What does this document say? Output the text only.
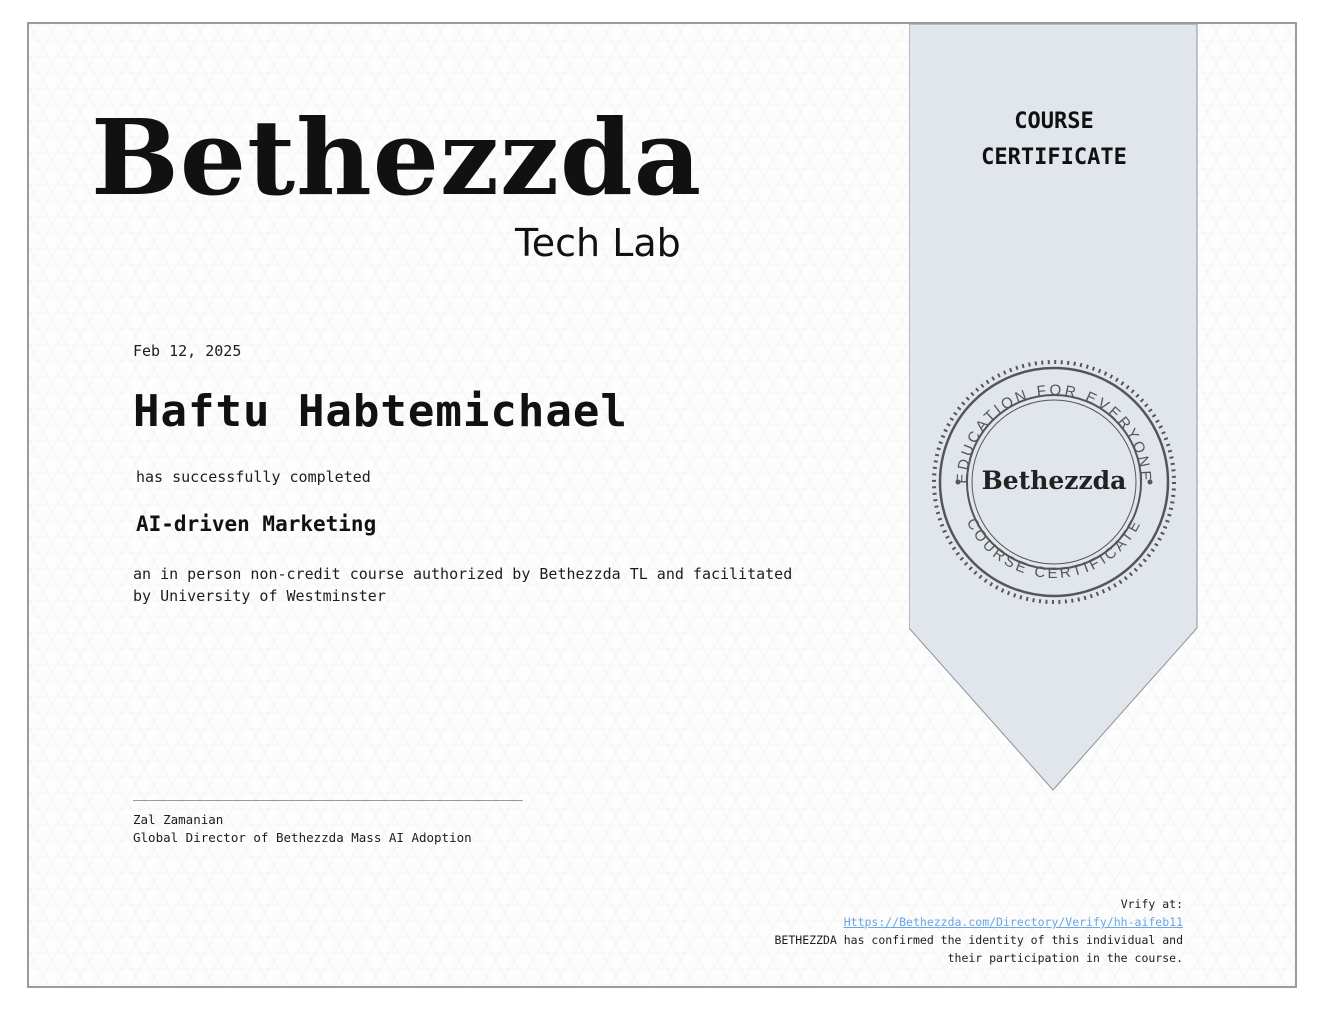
Bethezzda
Tech Lab
Feb 12, 2025
Haftu Habtemichael
has successfully completed
AI-driven Marketing
an in person non-credit course authorized by Bethezzda TL and facilitated
by University of Westminster
Zal Zamanian
Global Director of Bethezzda Mass AI Adoption
Vrify at:
Https://Bethezzda.com/Directory/Verify/hh-aifeb11
BETHEZZDA has confirmed the identity of this individual and
their participation in the course.
COURSE
CERTIFICATE
EDUCATION FOR EVERYONE
COURSE CERTIFICATE
Bethezzda
